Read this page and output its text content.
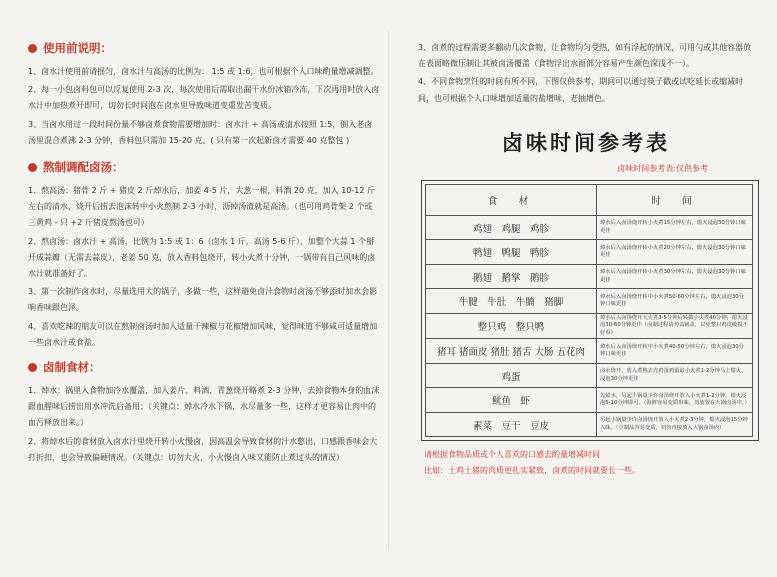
使用前说明：

1、卤水汁使用前请摇匀，卤水汁与高汤的比例为： 1:5 或 1:6，也可根据个人口味酌量增减调整。

2、每一小包卤料包可以反复使用 2-3 次，每次使用后需取出漏干水份冰箱冷冻，下次再用时放入卤水汁中加热煮开即可，切勿长时间泡在卤水里导致味道变重发苦变质。

3、当卤水用过一段时间份量不够卤煮食物需要增加时：卤水汁 + 高汤或清水按照 1:5，倒入老卤汤里混合煮沸 2-3 分钟，香料包只需加 15-20 克。( 只有第一次起新卤才需要 40 克整包 )

熬制调配卤汤：

1、熬高汤：猪骨 2 斤 + 猪皮 2 斤焯水后，加姜 4-5 片，大葱一根，料酒 20 克，加入 10-12 斤左右的清水，烧开后捞去泡沫转中小火熬制 2-3 小时，沥掉汤渣就是高汤。（也可用鸡骨架 2 个或三黄鸡 - 只 +2 斤猪皮熬汤也可）

2、熬卤汤：卤水汁 + 高汤，比例为 1:5 或 1：6（卤水 1 斤，高汤 5-6 斤），加整个大蒜 1 个掰开成蒜瓣（无需去蒜皮），老姜 50 克，放入香料包烧开，转小火煮十分钟，一锅带有自己风味的卤水汁就准备好了。

3、第一次制作卤水时，尽量选用大的锅子，多做一些，这样避免卤汁食物时卤汤不够添时加水会影响香味跟色泽。

4、喜欢吃辣的朋友可以在熬制卤汤时加入适量干辣椒与花椒增加风味，觉得味道不够咸可适量增加一些卤水汁或食盐。

卤制食材：

1、焯水：锅里入食物加冷水覆盖，加入姜片、料酒、青葱烧开略煮 2-3 分钟，去掉食物本身的血沫跟血腥味后捞出用水冲洗后备用；（关键点：焯水冷水下锅，水尽量多一些，这样才更容易让肉中的血污释放出来。）

2、将焯水后的食材放入卤水汁里烧开转小火慢卤，因高温会导致食材的汁水憋出，口感跟香味会大打折扣，也会导致偏硬情况。（关键点：切勿大火，小火慢卤入味又能防止煮过头的情况）

3、卤煮的过程需要多翻动几次食物，让食物均匀受热，如有浮起的情况，可用勺或其他容器放在表面略微压制让其被卤汤覆盖（食物浮出水面部分容易产生颜色深浅不一）。

4、不同食物烹饪的时间有所不同，下图仅供参考，期间可以通过筷子戳或试吃延长或缩减时间，也可根据个人口味增加适量的盐增味，老抽增色。

卤味时间参考表
卤味时间参考表:仅供参考
食　材	时　间
鸡翅　鸡腿　鸡胗	焯水后入卤汤烧开转小火煮15分钟左右，熄火浸泡30分钟口味更佳
鸭翅　鸭腿　鸭胗	焯水后入卤汤烧开转小火煮20分钟左右，熄火浸泡30分钟口味更佳
鹅翅　鹅掌　鹅胗	焯水后入卤汤烧开转小火煮30分钟左右，熄火浸泡30分钟口味更佳
牛腱　牛肚　牛腩　猪脚	焯水后入卤汤烧开转中小火煮50-60分钟左右，熄火浸泡30分钟口味更佳
整只鸡　整只鸭	焯水后入卤汤烧开大火煮3-5分钟后转微小火煮40分钟，熄火浸泡30-60分钟更佳（卤制过程请勿盖锅盖，以免整只鸡皮破损不好看）
猪耳 猪面皮 猪肚 猪舌 大肠 五花肉	焯水后入卤汤烧开转中小火煮40-50分钟左右，熄火浸泡30分钟口味更佳
鸡蛋	卤水烧开，放入煮熟去壳鸡蛋鸡蛋最小火煮1-2分钟马上熄火，浸泡30分钟更佳
鱿鱼　虾	先焯水，另起小锅量少许卤汤烧开放入小火煮1-2分钟，熄火浸泡5-10分钟即可。（海鲜容易变质串味，勿放置在大锅卤汤中。）
素菜　豆干　豆皮	另起小锅量少许卤汤烧开放入小火煮2-3分钟，熄火浸泡15分钟入味。（豆制品容易变质，切勿直接放入大锅卤汤内）
请根据食物品质或个人喜欢的口感去酌量增减时间
比如：土鸡土猪的肉质更扎实紧致，卤煮的时间就要长一些。
